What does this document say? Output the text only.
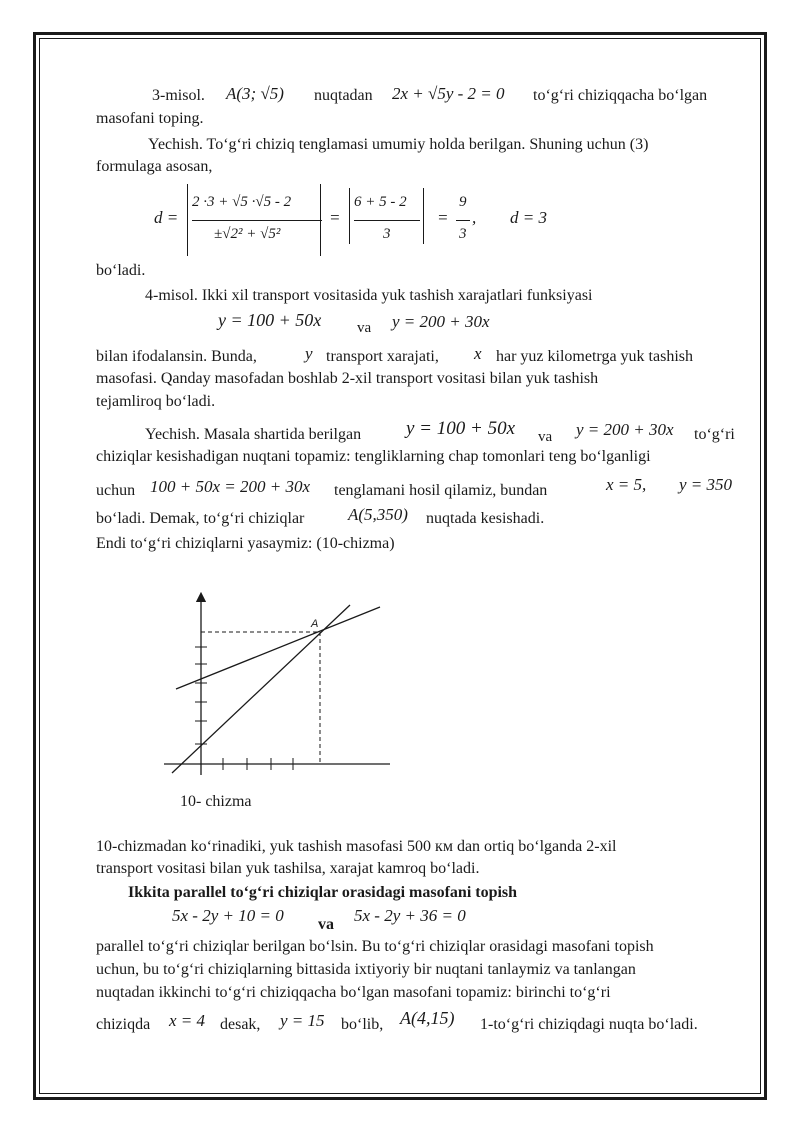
3-misol. A(3; √5) nuqtadan 2x + √5y - 2 = 0 to‘g‘ri chiziqqacha bo‘lgan
masofani toping.
Yechish. To‘g‘ri chiziq tenglamasi umumiy holda berilgan. Shuning uchun (3)
formulaga asosan,
d =
2 ·3 + √5 ·√5 - 2
±√2² + √5²
=
6 + 5 - 2
3
=
9
3
, d = 3
bo‘ladi.
4-misol. Ikki xil transport vositasida yuk tashish xarajatlari funksiyasi
y = 100 + 50x va y = 200 + 30x
bilan ifodalansin. Bunda,	y transport xarajati, x har yuz kilometrga yuk tashish
masofasi. Qanday masofadan boshlab 2-xil transport vositasi bilan yuk tashish
tejamliroq bo‘ladi.
Yechish. Masala shartida berilgan y = 100 + 50x va y = 200 + 30x to‘g‘ri
chiziqlar kesishadigan nuqtani topamiz: tengliklarning chap tomonlari teng bo‘lganligi
uchun 100 + 50x = 200 + 30x tenglamani hosil qilamiz, bundan	x = 5, y = 350
bo‘ladi. Demak, to‘g‘ri chiziqlar	A(5,350) nuqtada kesishadi.
Endi to‘g‘ri chiziqlarni yasaymiz: (10-chizma)
A
10- chizma
10-chizmadan ko‘rinadiki, yuk tashish masofasi 500 км dan ortiq bo‘lganda 2-xil
transport vositasi bilan yuk tashilsa, xarajat kamroq bo‘ladi.
Ikkita parallel to‘g‘ri chiziqlar orasidagi masofani topish
5x - 2y + 10 = 0 va 5x - 2y + 36 = 0
parallel to‘g‘ri chiziqlar berilgan bo‘lsin. Bu to‘g‘ri chiziqlar orasidagi masofani topish
uchun, bu to‘g‘ri chiziqlarning bittasida ixtiyoriy bir nuqtani tanlaymiz va tanlangan
nuqtadan ikkinchi to‘g‘ri chiziqqacha bo‘lgan masofani topamiz: birinchi to‘g‘ri
chiziqda x = 4 desak, y = 15 bo‘lib, A(4,15) 1-to‘g‘ri chiziqdagi nuqta bo‘ladi.
